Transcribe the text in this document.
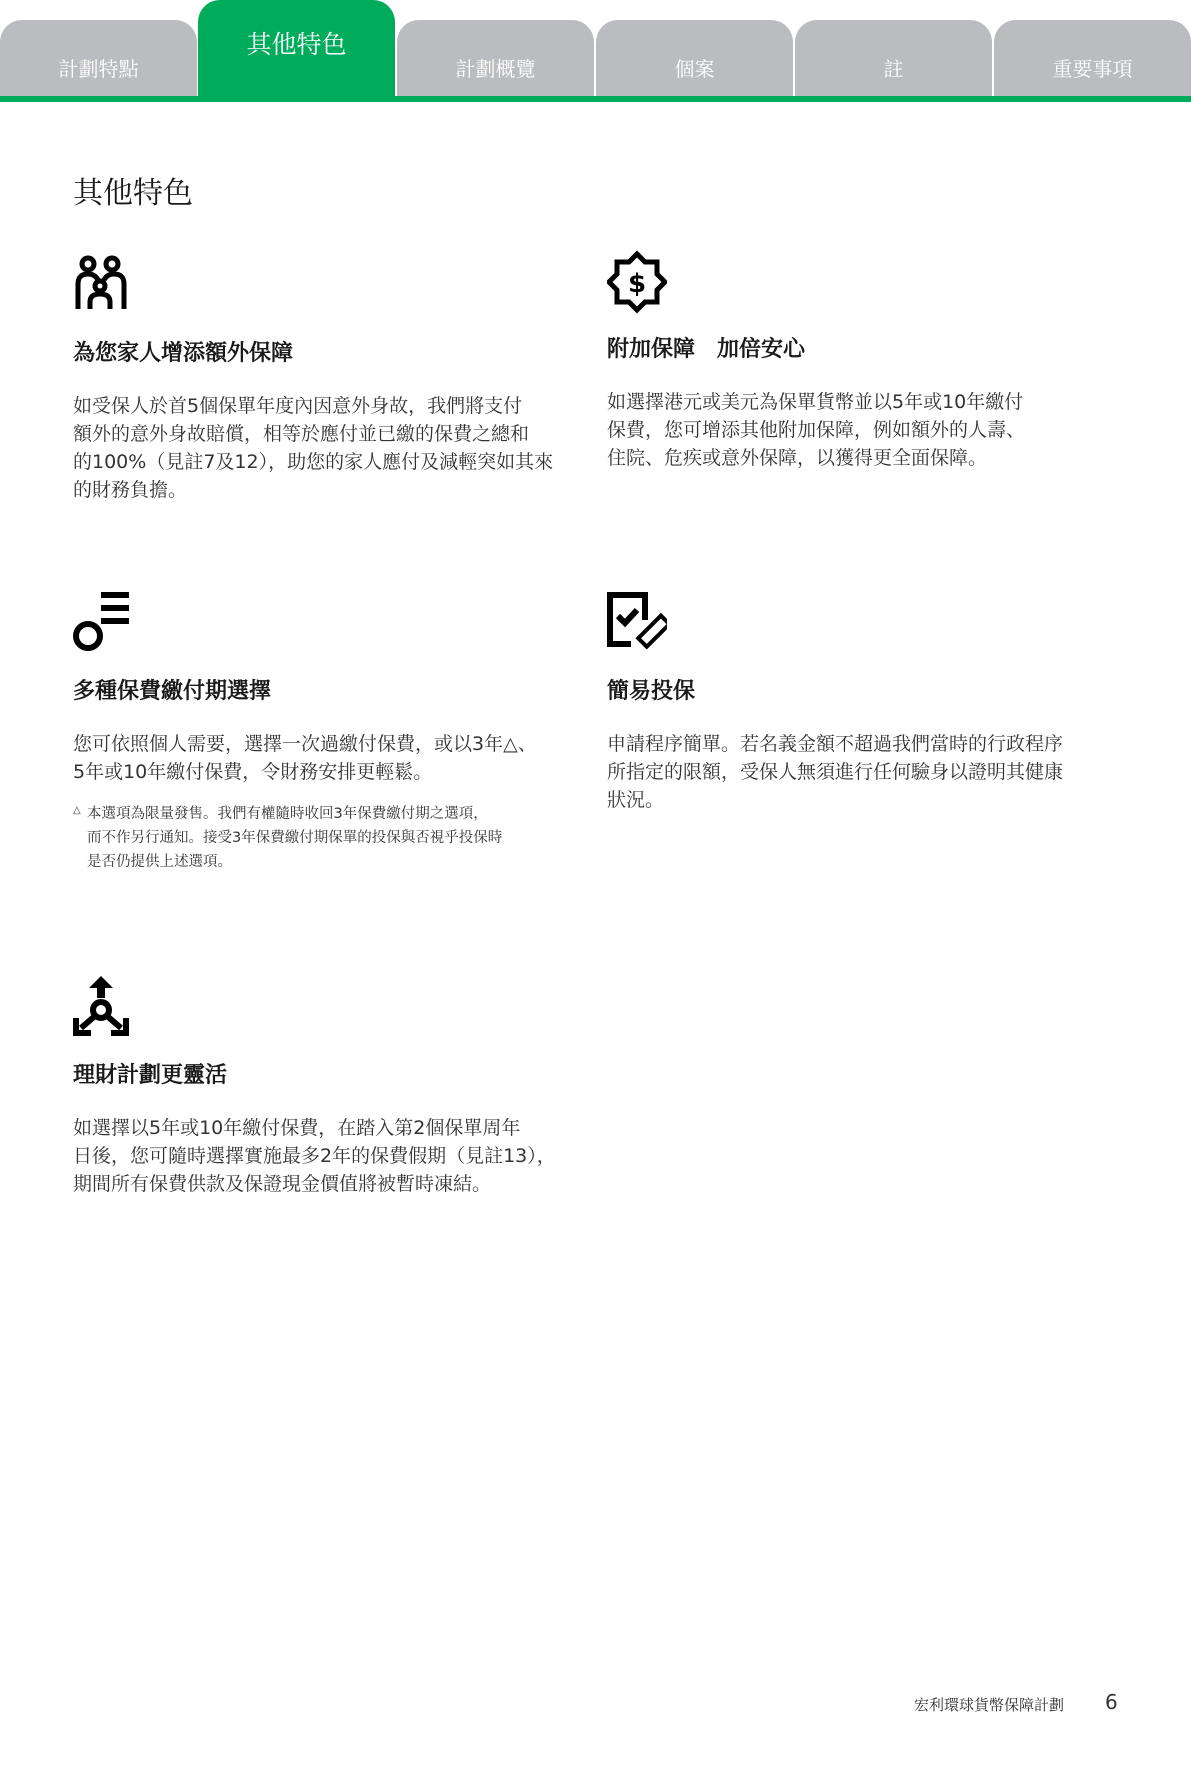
計劃特點
其他特色
計劃概覽	個案	註	重要事項
其他特色
為您家人增添額外保障
如受保人於首5個保單年度內因意外身故，我們將支付
額外的意外身故賠償，相等於應付並已繳的保費之總和
的100%（見註7及12），助您的家人應付及減輕突如其來
的財務負擔。
$
附加保障　加倍安心
如選擇港元或美元為保單貨幣並以5年或10年繳付
保費，您可增添其他附加保障，例如額外的人壽、
住院、危疾或意外保障，以獲得更全面保障。
多種保費繳付期選擇
您可依照個人需要，選擇一次過繳付保費，或以3年△、
5年或10年繳付保費，令財務安排更輕鬆。
△ 本選項為限量發售。我們有權隨時收回3年保費繳付期之選項，
而不作另行通知。接受3年保費繳付期保單的投保與否視乎投保時
是否仍提供上述選項。
簡易投保
申請程序簡單。若名義金額不超過我們當時的行政程序
所指定的限額，受保人無須進行任何驗身以證明其健康
狀況。
理財計劃更靈活
如選擇以5年或10年繳付保費，在踏入第2個保單周年
日後，您可隨時選擇實施最多2年的保費假期（見註13），
期間所有保費供款及保證現金價值將被暫時凍結。
宏利環球貨幣保障計劃 6
